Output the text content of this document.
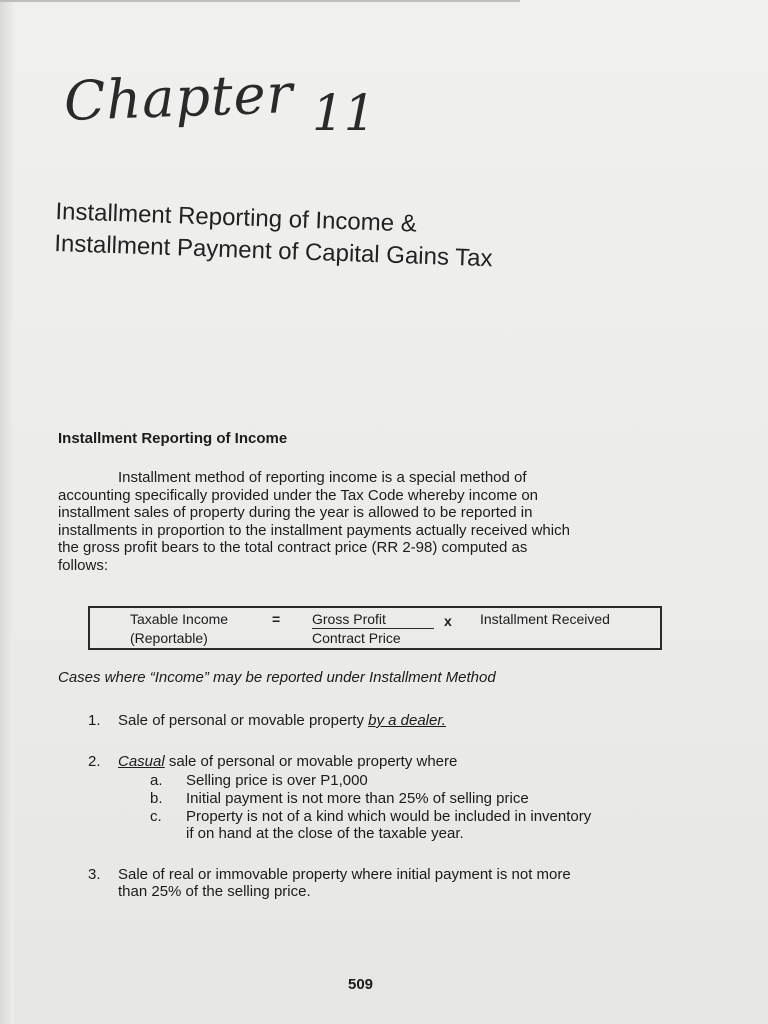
Chapter 11
Installment Reporting of Income &
Installment Payment of Capital Gains Tax
Installment Reporting of Income
Installment method of reporting income is a special method of
accounting specifically provided under the Tax Code whereby income on
installment sales of property during the year is allowed to be reported in
installments in proportion to the installment payments actually received which
the gross profit bears to the total contract price (RR 2-98) computed as
follows:
Taxable Income
(Reportable)
= Gross Profit
Contract Price
x Installment Received
Cases where “Income” may be reported under Installment Method
1. Sale of personal or movable property by a dealer.
2. Casual sale of personal or movable property where
a. Selling price is over P1,000
b. Initial payment is not more than 25% of selling price
c. Property is not of a kind which would be included in inventory
if on hand at the close of the taxable year.
3. Sale of real or immovable property where initial payment is not more
than 25% of the selling price.
509
